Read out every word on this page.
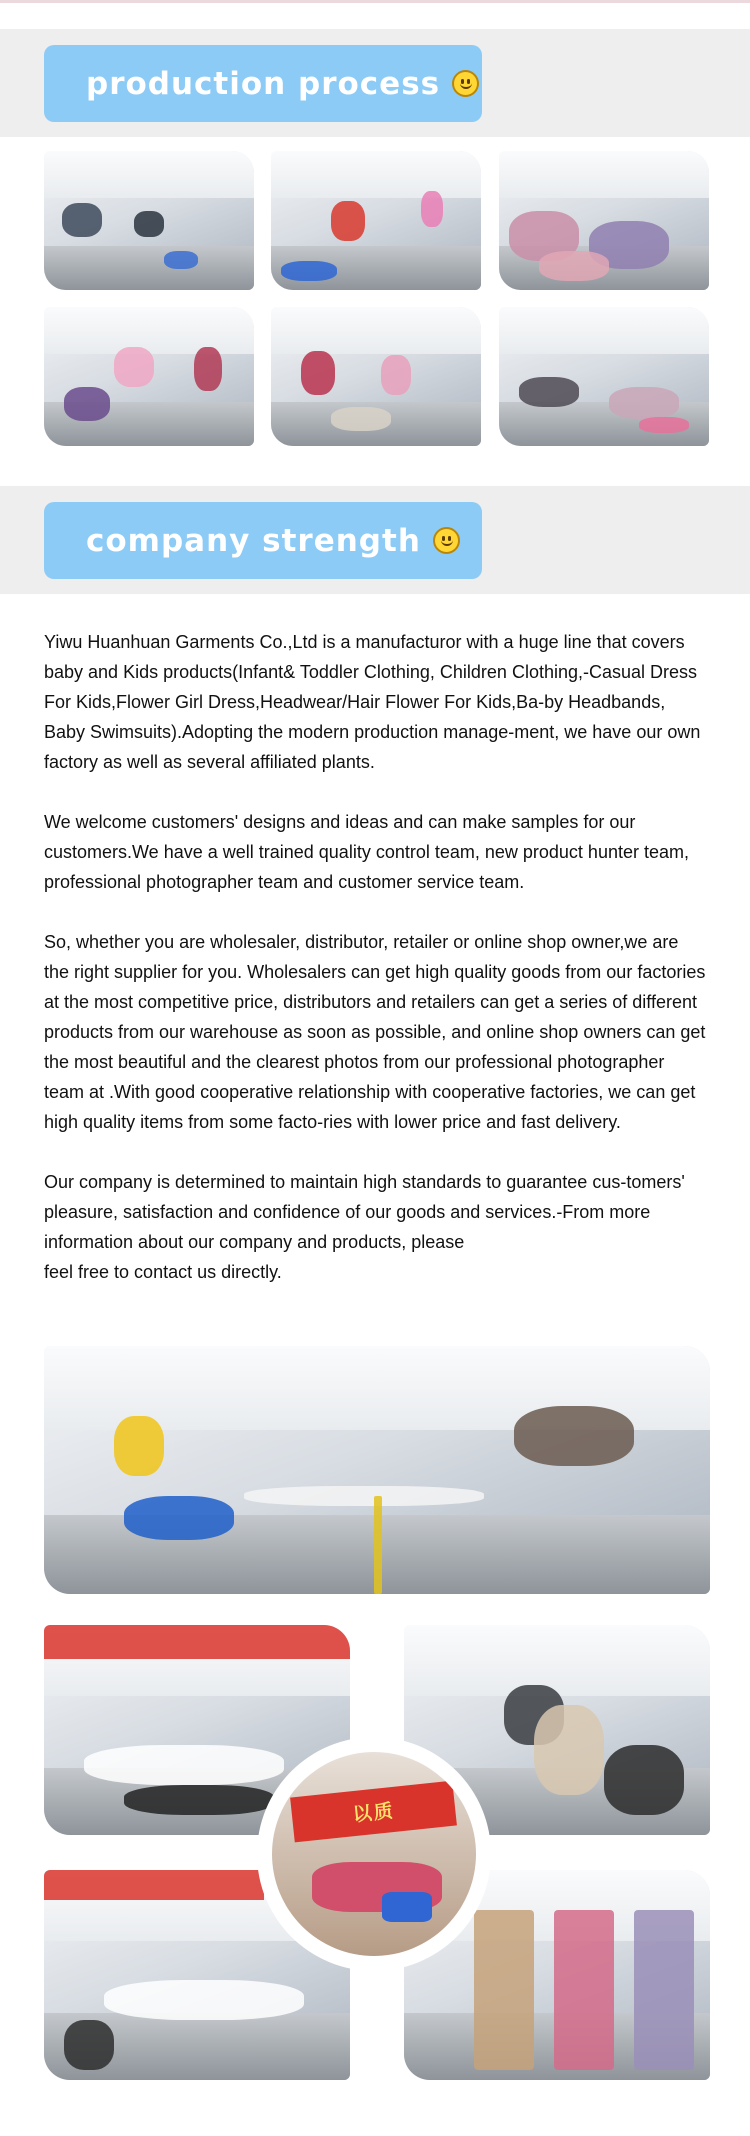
production process
company strength

Yiwu Huanhuan Garments Co.,Ltd is a manufacturor with a huge line that covers baby and Kids products(Infant& Toddler Clothing, Children Clothing,-Casual Dress For Kids,Flower Girl Dress,Headwear/Hair Flower For Kids,Ba-by Headbands, Baby Swimsuits).Adopting the modern production manage-ment, we have our own factory as well as several affiliated plants.

We welcome customers' designs and ideas and can make samples for our customers.We have a well trained quality control team, new product hunter team, professional photographer team and customer service team.

So, whether you are wholesaler, distributor, retailer or online shop owner,we are the right supplier for you. Wholesalers can get high quality goods from our factories at the most competitive price, distributors and retailers can get a series of different products from our warehouse as soon as possible, and online shop owners can get the most beautiful and the clearest photos from our professional photographer team at .With good cooperative relationship with cooperative factories, we can get high quality items from some facto-ries with lower price and fast delivery.

Our company is determined to maintain high standards to guarantee cus-tomers' pleasure, satisfaction and confidence of our goods and services.-From more information about our company and products, please
feel free to contact us directly.

以质
